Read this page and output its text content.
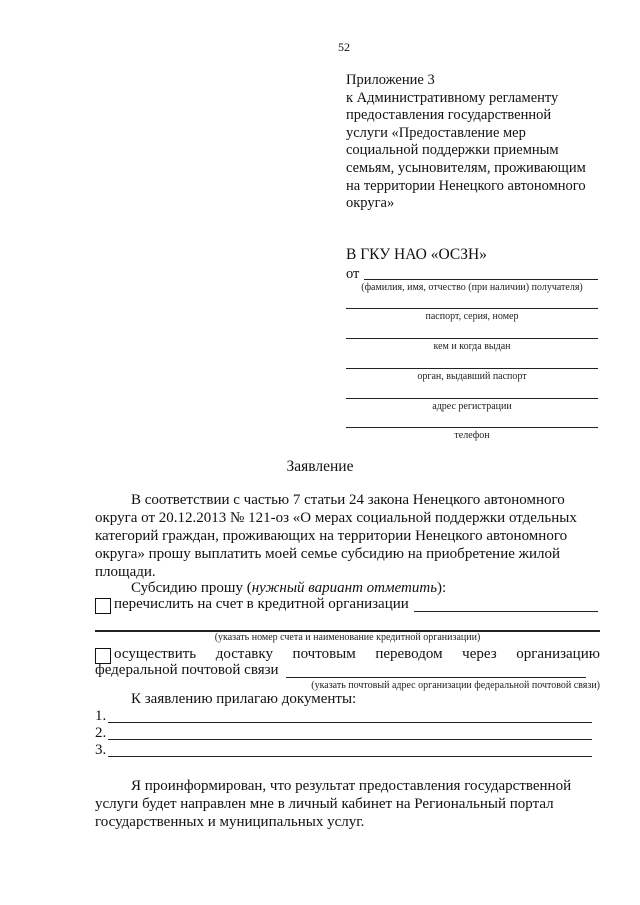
52
Приложение 3
к Административному регламенту
предоставления государственной
услуги «Предоставление мер
социальной поддержки приемным
семьям, усыновителям, проживающим
на территории Ненецкого автономного
округа»
В ГКУ НАО «ОСЗН»
от
(фамилия, имя, отчество (при наличии) получателя)
паспорт, серия, номер
кем и когда выдан
орган, выдавший паспорт
адрес регистрации
телефон
Заявление
В соответствии с частью 7 статьи 24 закона Ненецкого автономного
округа от 20.12.2013 № 121-оз «О мерах социальной поддержки отдельных
категорий граждан, проживающих на территории Ненецкого автономного
округа» прошу выплатить моей семье субсидию на приобретение жилой
площади.
Субсидию прошу (нужный вариант отметить):
перечислить на счет в кредитной организации
(указать номер счета и наименование кредитной организации)
осуществить доставку почтовым переводом через организацию
федеральной почтовой связи
(указать почтовый адрес организации федеральной почтовой связи)
К заявлению прилагаю документы:
1.
2.
3.
Я проинформирован, что результат предоставления государственной
услуги будет направлен мне в личный кабинет на Региональный портал
государственных и муниципальных услуг.
